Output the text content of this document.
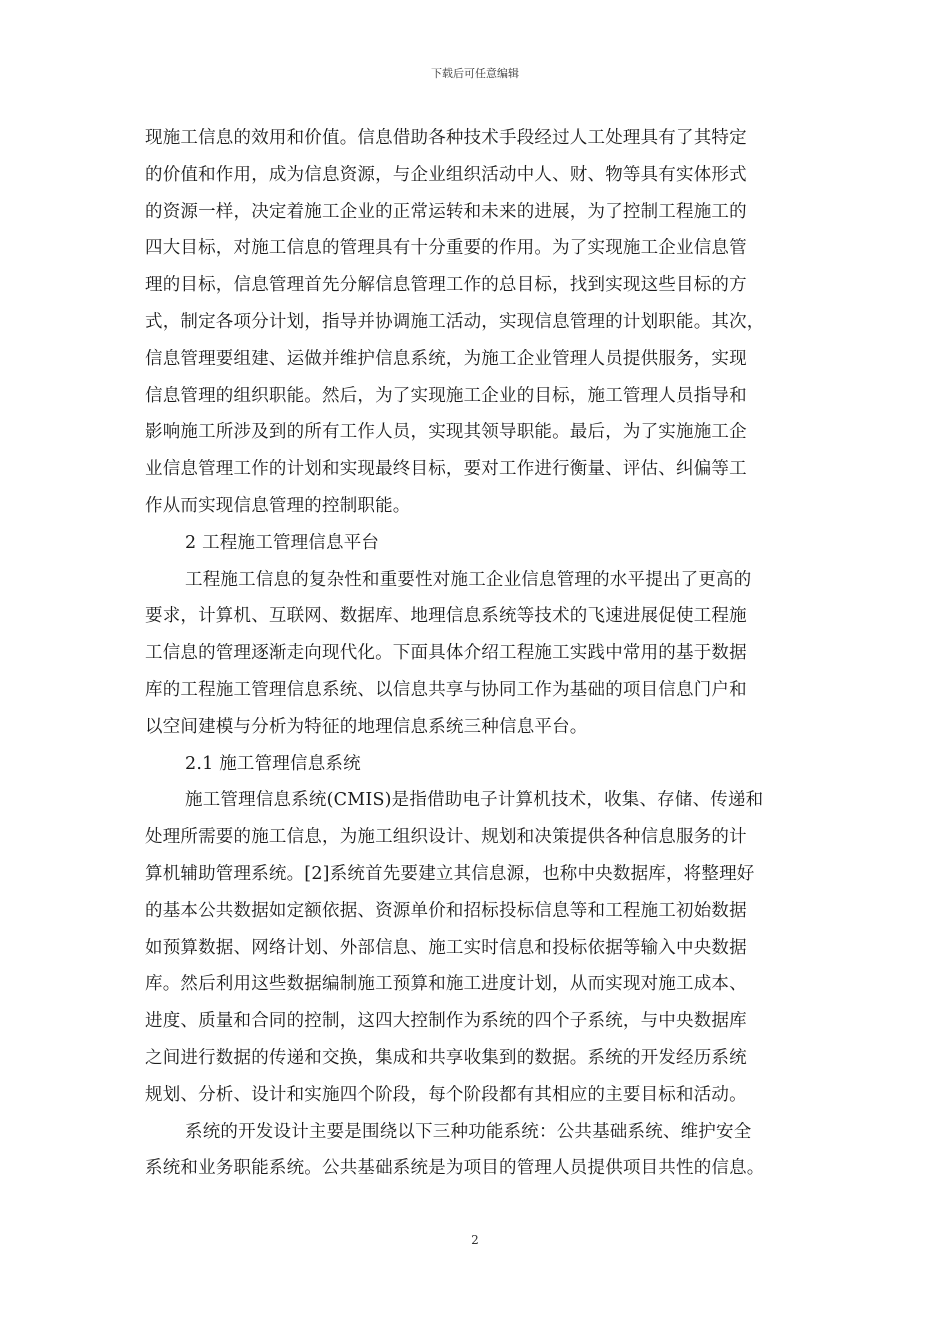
下载后可任意编辑
现施工信息的效用和价值。信息借助各种技术手段经过人工处理具有了其特定
的价值和作用，成为信息资源，与企业组织活动中人、财、物等具有实体形式
的资源一样，决定着施工企业的正常运转和未来的进展，为了控制工程施工的
四大目标，对施工信息的管理具有十分重要的作用。为了实现施工企业信息管
理的目标，信息管理首先分解信息管理工作的总目标，找到实现这些目标的方
式，制定各项分计划，指导并协调施工活动，实现信息管理的计划职能。其次，
信息管理要组建、运做并维护信息系统，为施工企业管理人员提供服务，实现
信息管理的组织职能。然后，为了实现施工企业的目标，施工管理人员指导和
影响施工所涉及到的所有工作人员，实现其领导职能。最后，为了实施施工企
业信息管理工作的计划和实现最终目标，要对工作进行衡量、评估、纠偏等工
作从而实现信息管理的控制职能。
2 工程施工管理信息平台
工程施工信息的复杂性和重要性对施工企业信息管理的水平提出了更高的
要求，计算机、互联网、数据库、地理信息系统等技术的飞速进展促使工程施
工信息的管理逐渐走向现代化。下面具体介绍工程施工实践中常用的基于数据
库的工程施工管理信息系统、以信息共享与协同工作为基础的项目信息门户和
以空间建模与分析为特征的地理信息系统三种信息平台。
2.1 施工管理信息系统
施工管理信息系统(CMIS)是指借助电子计算机技术，收集、存储、传递和
处理所需要的施工信息，为施工组织设计、规划和决策提供各种信息服务的计
算机辅助管理系统。[2]系统首先要建立其信息源，也称中央数据库，将整理好
的基本公共数据如定额依据、资源单价和招标投标信息等和工程施工初始数据
如预算数据、网络计划、外部信息、施工实时信息和投标依据等输入中央数据
库。然后利用这些数据编制施工预算和施工进度计划，从而实现对施工成本、
进度、质量和合同的控制，这四大控制作为系统的四个子系统，与中央数据库
之间进行数据的传递和交换，集成和共享收集到的数据。系统的开发经历系统
规划、分析、设计和实施四个阶段，每个阶段都有其相应的主要目标和活动。
系统的开发设计主要是围绕以下三种功能系统：公共基础系统、维护安全
系统和业务职能系统。公共基础系统是为项目的管理人员提供项目共性的信息。
2
